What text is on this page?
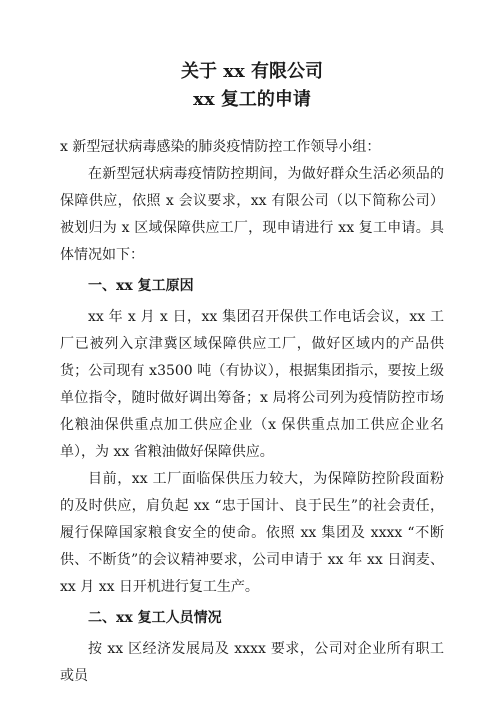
关于 xx 有限公司
xx 复工的申请

x 新型冠状病毒感染的肺炎疫情防控工作领导小组：

在新型冠状病毒疫情防控期间，为做好群众生活必须品的保障供应，依照 x 会议要求，xx 有限公司（以下简称公司）被划归为 x 区域保障供应工厂，现申请进行 xx 复工申请。具体情况如下：

一、xx 复工原因

xx 年 x 月 x 日，xx 集团召开保供工作电话会议，xx 工厂已被列入京津冀区域保障供应工厂，做好区域内的产品供货；公司现有 x3500 吨（有协议），根据集团指示，要按上级单位指令，随时做好调出筹备；x 局将公司列为疫情防控市场化粮油保供重点加工供应企业（x 保供重点加工供应企业名单），为 xx 省粮油做好保障供应。

目前，xx 工厂面临保供压力较大，为保障防控阶段面粉的及时供应，肩负起 xx “忠于国计、良于民生”的社会责任，履行保障国家粮食安全的使命。依照 xx 集团及 xxxx “不断供、不断货”的会议精神要求，公司申请于 xx 年 xx 日润麦、xx 月 xx 日开机进行复工生产。

二、xx 复工人员情况

按 xx 区经济发展局及 xxxx 要求，公司对企业所有职工或员
